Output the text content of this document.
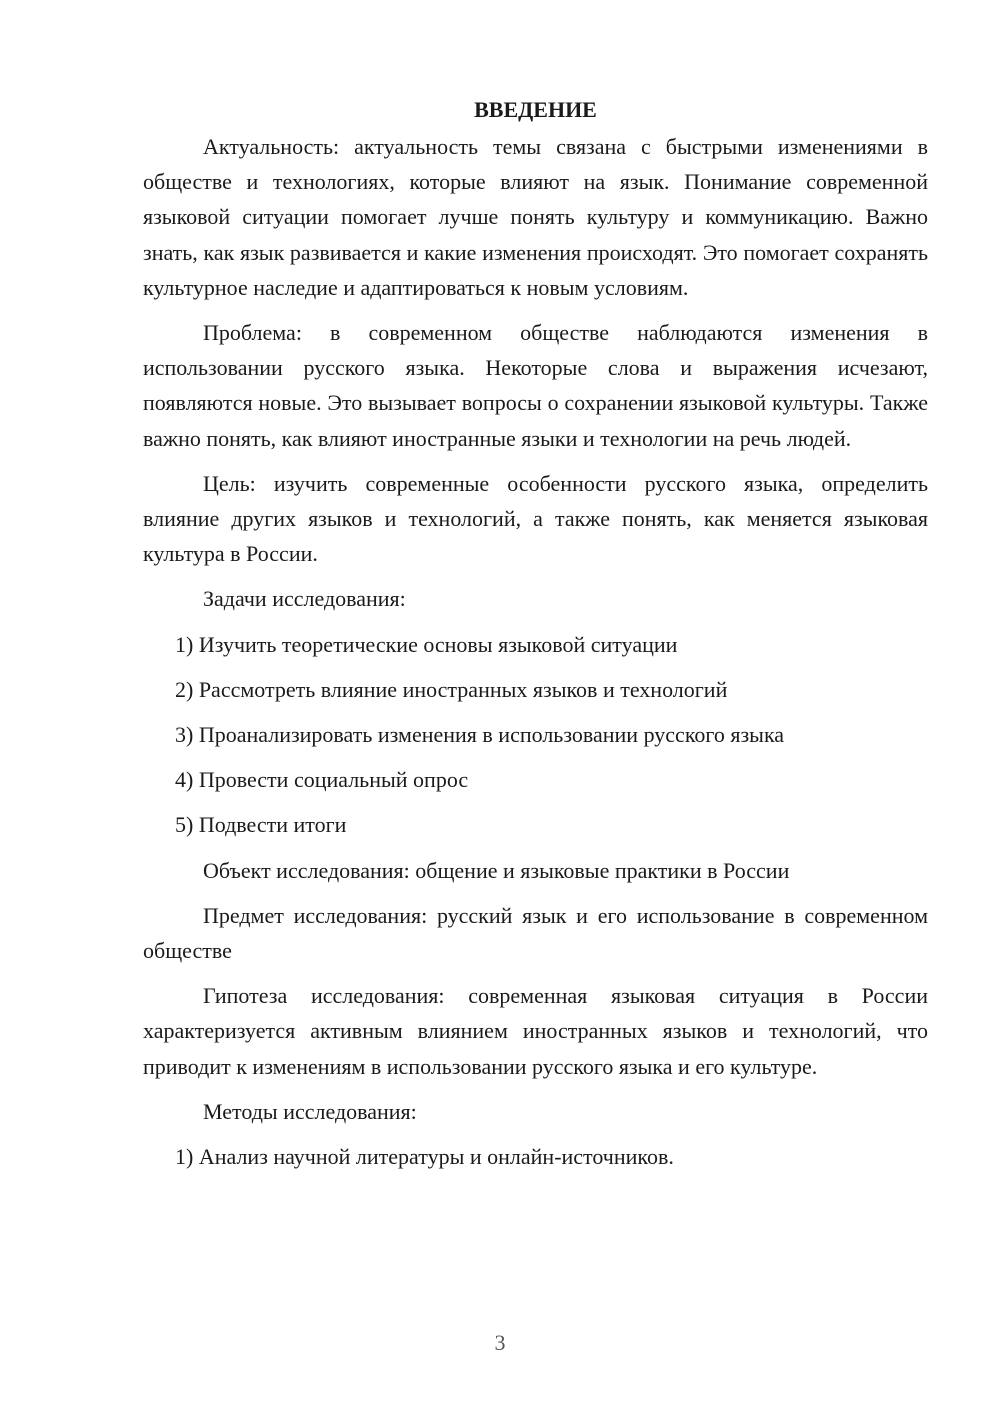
ВВЕДЕНИЕ

Актуальность: актуальность темы связана с быстрыми изменениями в обществе и технологиях, которые влияют на язык. Понимание современной языковой ситуации помогает лучше понять культуру и коммуникацию. Важно знать, как язык развивается и какие изменения происходят. Это помогает сохранять культурное наследие и адаптироваться к новым условиям.

Проблема: в современном обществе наблюдаются изменения в использовании русского языка. Некоторые слова и выражения исчезают, появляются новые. Это вызывает вопросы о сохранении языковой культуры. Также важно понять, как влияют иностранные языки и технологии на речь людей.

Цель: изучить современные особенности русского языка, определить влияние других языков и технологий, а также понять, как меняется языковая культура в России.

Задачи исследования:

1) Изучить теоретические основы языковой ситуации

2) Рассмотреть влияние иностранных языков и технологий

3) Проанализировать изменения в использовании русского языка

4) Провести социальный опрос

5) Подвести итоги

Объект исследования: общение и языковые практики в России

Предмет исследования: русский язык и его использование в современном обществе

Гипотеза исследования: современная языковая ситуация в России характеризуется активным влиянием иностранных языков и технологий, что приводит к изменениям в использовании русского языка и его культуре.

Методы исследования:

1) Анализ научной литературы и онлайн-источников.

3
